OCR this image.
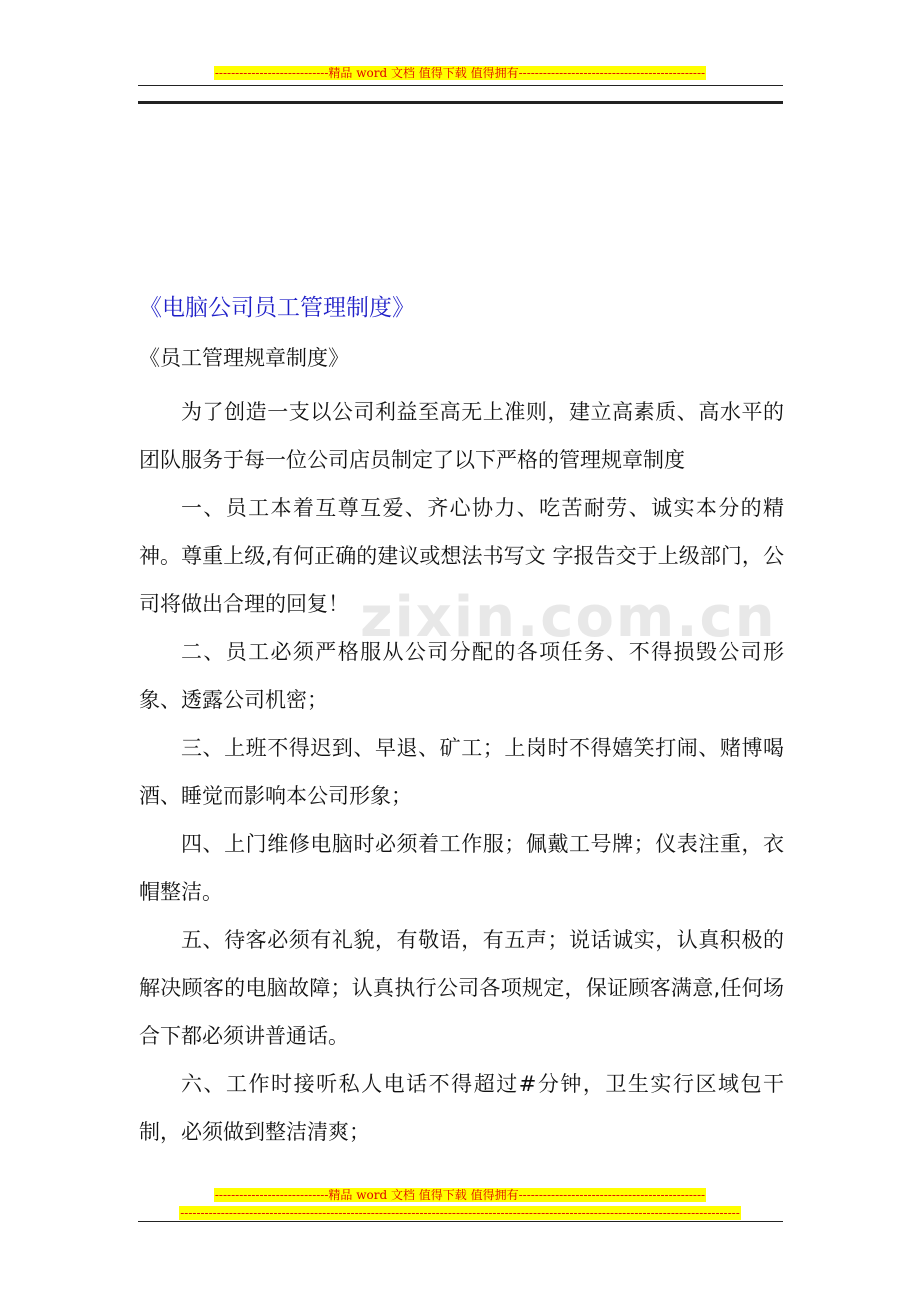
----------------------------精品 word 文档 值得下载 值得拥有----------------------------------------------
zixin.com.cn
《电脑公司员工管理制度》
《员工管理规章制度》

为了创造一支以公司利益至高无上准则，建立高素质、高水平的团队服务于每一位公司店员制定了以下严格的管理规章制度

一、员工本着互尊互爱、齐心协力、吃苦耐劳、诚实本分的精神。尊重上级,有何正确的建议或想法书写文 字报告交于上级部门，公司将做出合理的回复！

二、员工必须严格服从公司分配的各项任务、不得损毁公司形象、透露公司机密；

三、上班不得迟到、早退、矿工；上岗时不得嬉笑打闹、赌博喝酒、睡觉而影响本公司形象；

四、上门维修电脑时必须着工作服；佩戴工号牌；仪表注重，衣帽整洁。

五、待客必须有礼貌，有敬语，有五声；说话诚实，认真积极的解决顾客的电脑故障；认真执行公司各项规定，保证顾客满意,任何场合下都必须讲普通话。

六、工作时接听私人电话不得超过#分钟，卫生实行区域包干制，必须做到整洁清爽；

----------------------------精品 word 文档 值得下载 值得拥有----------------------------------------------
------------------------------------------------------------------------------------------------------------------------------------------
